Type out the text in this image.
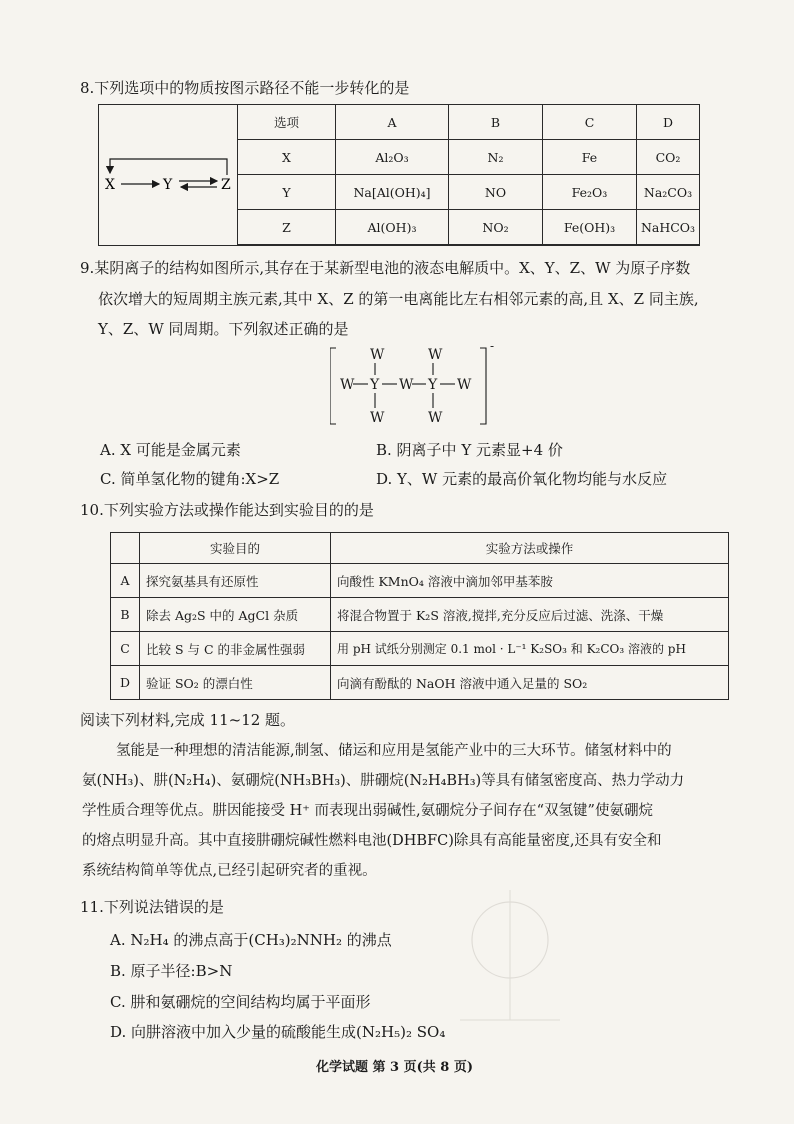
8.下列选项中的物质按图示路径不能一步转化的是
X	Y	Z
选项	A	B	C	D
X	Al₂O₃	N₂	Fe	CO₂
Y	Na[Al(OH)₄]	NO	Fe₂O₃	Na₂CO₃
Z	Al(OH)₃	NO₂	Fe(OH)₃	NaHCO₃
9.某阴离子的结构如图所示,其存在于某新型电池的液态电解质中。X、Y、Z、W 为原子序数
依次增大的短周期主族元素,其中 X、Z 的第一电离能比左右相邻元素的高,且 X、Z 同主族,
Y、Z、W 同周期。下列叙述正确的是
W	W
W Y W Y W
W	W
-
A. X 可能是金属元素	B. 阴离子中 Y 元素显+4 价
C. 简单氢化物的键角:X>Z	D. Y、W 元素的最高价氧化物均能与水反应
10.下列实验方法或操作能达到实验目的的是
	实验目的	实验方法或操作
A	探究氨基具有还原性	向酸性 KMnO₄ 溶液中滴加邻甲基苯胺
B	除去 Ag₂S 中的 AgCl 杂质	将混合物置于 K₂S 溶液,搅拌,充分反应后过滤、洗涤、干燥
C	比较 S 与 C 的非金属性强弱	用 pH 试纸分别测定 0.1 mol · L⁻¹ K₂SO₃ 和 K₂CO₃ 溶液的 pH
D	验证 SO₂ 的漂白性	向滴有酚酞的 NaOH 溶液中通入足量的 SO₂
阅读下列材料,完成 11~12 题。
氢能是一种理想的清洁能源,制氢、储运和应用是氢能产业中的三大环节。储氢材料中的
氨(NH₃)、肼(N₂H₄)、氨硼烷(NH₃BH₃)、肼硼烷(N₂H₄BH₃)等具有储氢密度高、热力学动力
学性质合理等优点。肼因能接受 H⁺ 而表现出弱碱性,氨硼烷分子间存在“双氢键”使氨硼烷
的熔点明显升高。其中直接肼硼烷碱性燃料电池(DHBFC)除具有高能量密度,还具有安全和
系统结构简单等优点,已经引起研究者的重视。
11.下列说法错误的是
A. N₂H₄ 的沸点高于(CH₃)₂NNH₂ 的沸点
B. 原子半径:B>N
C. 肼和氨硼烷的空间结构均属于平面形
D. 向肼溶液中加入少量的硫酸能生成(N₂H₅)₂ SO₄
化学试题 第 3 页(共 8 页)
